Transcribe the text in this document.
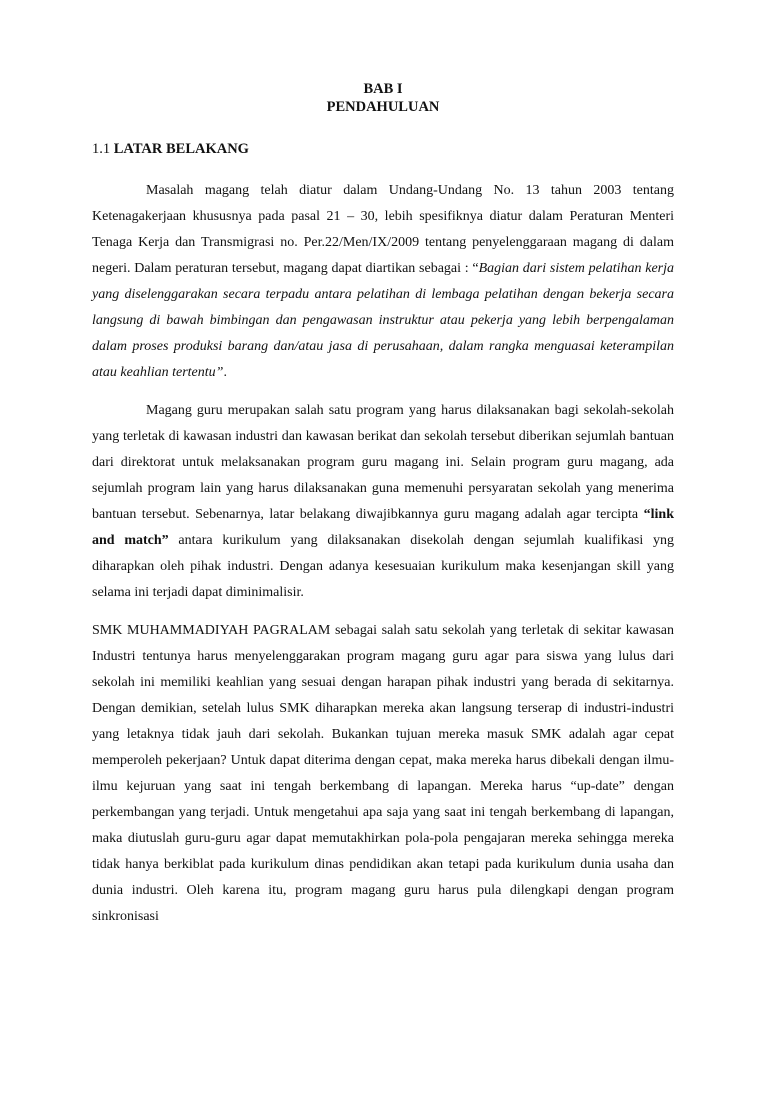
BAB I
PENDAHULUAN
1.1 LATAR BELAKANG

Masalah magang telah diatur dalam Undang-Undang No. 13 tahun 2003 tentang Ketenagakerjaan khususnya pada pasal 21 – 30, lebih spesifiknya diatur dalam Peraturan Menteri Tenaga Kerja dan Transmigrasi no. Per.22/Men/IX/2009 tentang penyelenggaraan magang di dalam negeri. Dalam peraturan tersebut, magang dapat diartikan sebagai : “Bagian dari sistem pelatihan kerja yang diselenggarakan secara terpadu antara pelatihan di lembaga pelatihan dengan bekerja secara langsung di bawah bimbingan dan pengawasan instruktur atau pekerja yang lebih berpengalaman dalam proses produksi barang dan/atau jasa di perusahaan, dalam rangka menguasai keterampilan atau keahlian tertentu”.

Magang guru merupakan salah satu program yang harus dilaksanakan bagi sekolah-sekolah yang terletak di kawasan industri dan kawasan berikat dan sekolah tersebut diberikan sejumlah bantuan dari direktorat untuk melaksanakan program guru magang ini. Selain program guru magang, ada sejumlah program lain yang harus dilaksanakan guna memenuhi persyaratan sekolah yang menerima bantuan tersebut. Sebenarnya, latar belakang diwajibkannya guru magang adalah agar tercipta “link and match” antara kurikulum yang dilaksanakan disekolah dengan sejumlah kualifikasi yng diharapkan oleh pihak industri. Dengan adanya kesesuaian kurikulum maka kesenjangan skill yang selama ini terjadi dapat diminimalisir.

SMK MUHAMMADIYAH PAGRALAM sebagai salah satu sekolah yang terletak di sekitar kawasan Industri tentunya harus menyelenggarakan program magang guru agar para siswa yang lulus dari sekolah ini memiliki keahlian yang sesuai dengan harapan pihak industri yang berada di sekitarnya. Dengan demikian, setelah lulus SMK diharapkan mereka akan langsung terserap di industri-industri yang letaknya tidak jauh dari sekolah. Bukankan tujuan mereka masuk SMK adalah agar cepat memperoleh pekerjaan? Untuk dapat diterima dengan cepat, maka mereka harus dibekali dengan ilmu-ilmu kejuruan yang saat ini tengah berkembang di lapangan. Mereka harus “up-date” dengan perkembangan yang terjadi. Untuk mengetahui apa saja yang saat ini tengah berkembang di lapangan, maka diutuslah guru-guru agar dapat memutakhirkan pola-pola pengajaran mereka sehingga mereka tidak hanya berkiblat pada kurikulum dinas pendidikan akan tetapi pada kurikulum dunia usaha dan dunia industri. Oleh karena itu, program magang guru harus pula dilengkapi dengan program sinkronisasi
